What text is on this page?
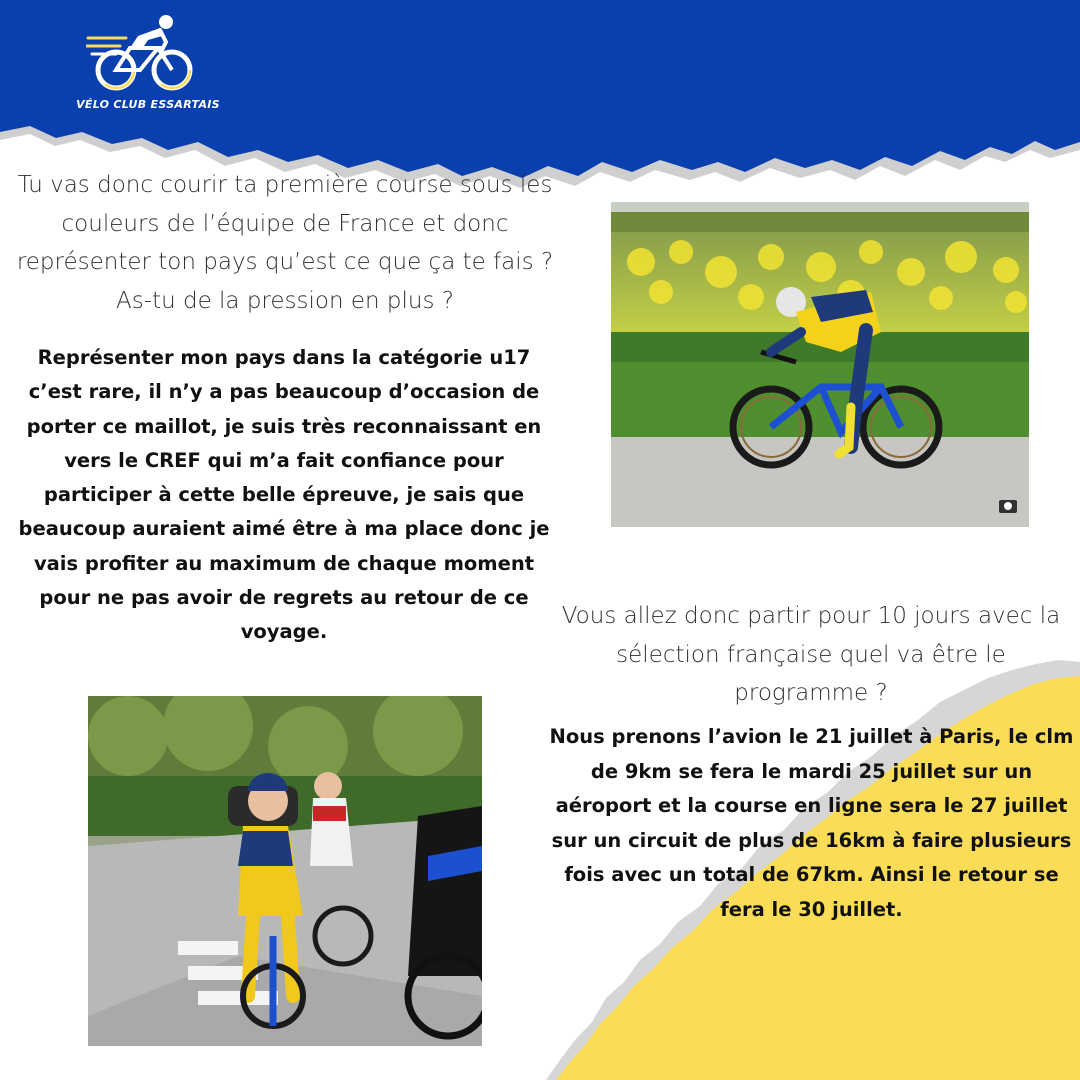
VÉLO CLUB ESSARTAIS
Tu vas donc courir ta première course sous les couleurs de l’équipe de France et donc représenter ton pays qu’est ce que ça te fais ? As-tu de la pression en plus ?
Représenter mon pays dans la catégorie u17 c’est rare, il n’y a pas beaucoup d’occasion de porter ce maillot, je suis très reconnaissant en vers le CREF qui m’a fait confiance pour participer à cette belle épreuve, je sais que beaucoup auraient aimé être à ma place donc je vais profiter au maximum de chaque moment pour ne pas avoir de regrets au retour de ce voyage.
Vous allez donc partir pour 10 jours avec la sélection française quel va être le programme ?
Nous prenons l’avion le 21 juillet à Paris, le clm de 9km se fera le mardi 25 juillet sur un aéroport et la course en ligne sera le 27 juillet sur un circuit de plus de 16km à faire plusieurs fois avec un total de 67km. Ainsi le retour se fera le 30 juillet.
